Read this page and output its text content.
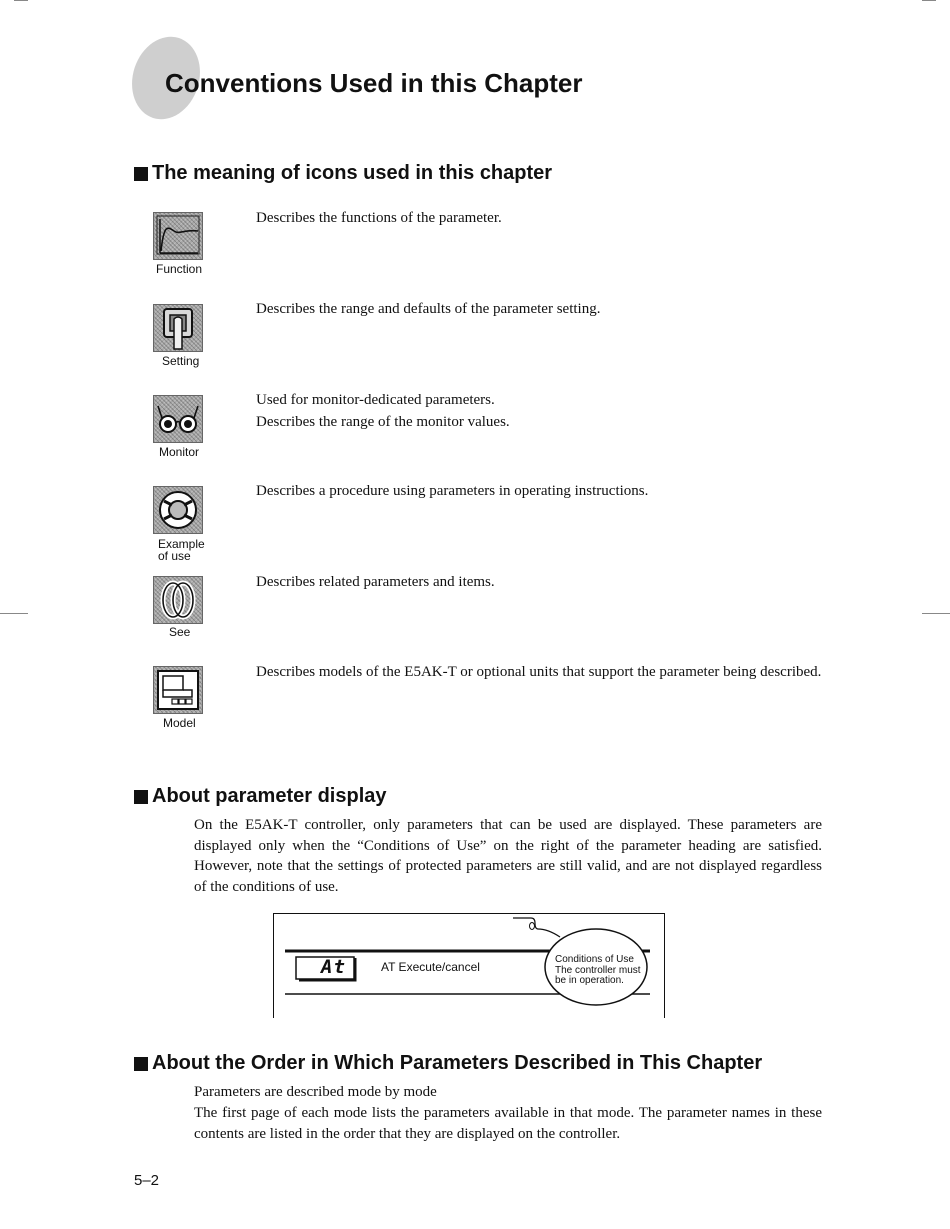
Conventions Used in this Chapter
The meaning of icons used in this chapter
Function

Describes the functions of the parameter.

Setting

Describes the range and defaults of the parameter setting.

Monitor

Used for monitor-dedicated parameters.
Describes the range of the monitor values.

Example
of use

Describes a procedure using parameters in operating instructions.

See

Describes related parameters and items.

Model

Describes models of the E5AK-T or optional units that support the parameter being described.

About parameter display

On the E5AK-T controller, only parameters that can be used are displayed. These parameters are displayed only when the “Conditions of Use” on the right of the parameter heading are satisfied. However, note that the settings of protected parameters are still valid, and are not displayed regardless of the conditions of use.

At	AT Execute/cancel
Conditions of Use
The controller must
be in operation.
About the Order in Which Parameters Described in This Chapter

Parameters are described mode by mode

The first page of each mode lists the parameters available in that mode. The parameter names in these contents are listed in the order that they are displayed on the controller.

5–2
